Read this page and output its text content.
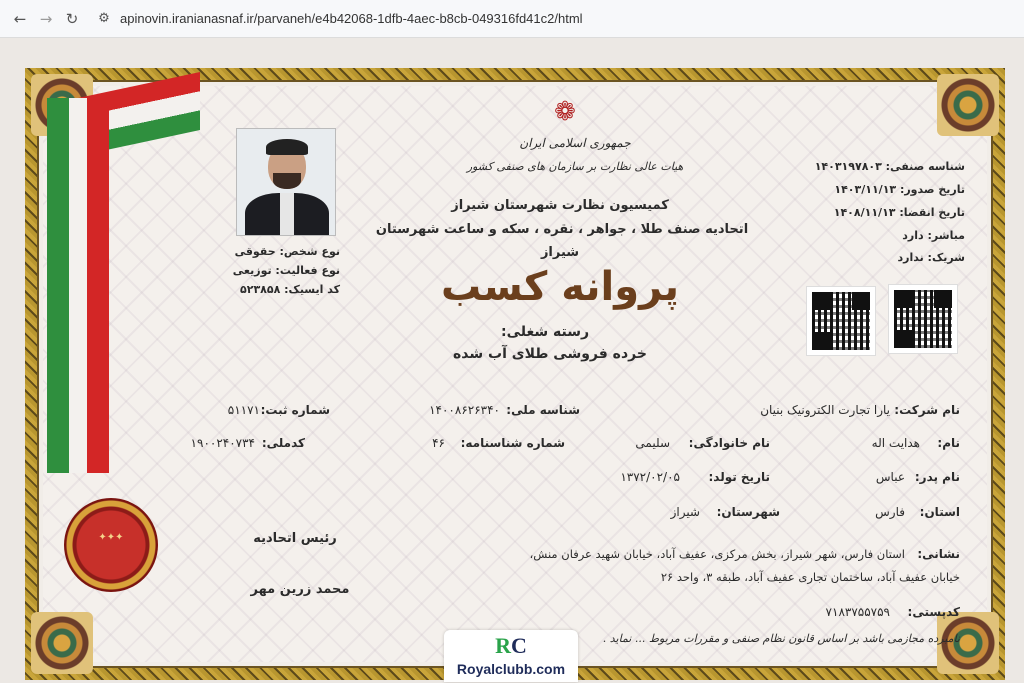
← → ↻	⚙ apinovin.iranianasnaf.ir/parvaneh/e4b42068-1dfb-4aec-b8cb-049316fd41c2/html
✦✦✦
❁
جمهوری اسلامی ایران
هیات عالی نظارت بر سازمان های صنفی کشور
کمیسیون نظارت شهرستان شیراز
اتحادیه صنف طلا ، جواهر ، نقره ، سکه و ساعت شهرستان
شیراز
پروانه کسب
رسته شغلی:
خرده فروشی طلای آب شده
نوع شخص: حقوقی
نوع فعالیت: توزیعی
کد ایسیک: ۵۲۳۸۵۸
شناسه صنفی: ۱۴۰۳۱۹۷۸۰۳
تاریخ صدور: ۱۴۰۳/۱۱/۱۳
تاریخ انقضا: ۱۴۰۸/۱۱/۱۳
مباشر: دارد
شریک: ندارد
نام شرکت:
یارا تجارت الکترونیک بنیان
شناسه ملی:
۱۴۰۰۸۶۲۶۳۴۰
شماره ثبت:
۵۱۱۷۱
نام:
هدایت اله
نام خانوادگی:
سلیمی
شماره شناسنامه:
۴۶
کدملی:
۱۹۰۰۲۴۰۷۳۴
نام پدر:
عباس
تاریخ تولد:
۱۳۷۲/۰۲/۰۵
استان:
فارس
شهرستان:
شیراز
نشانی:
استان فارس، شهر شیراز، بخش مرکزی، عفیف آباد، خیابان شهید عرفان منش،
خیابان عفیف آباد، ساختمان تجاری عفیف آباد، طبقه ۳، واحد ۲۶
کدپستی:
۷۱۸۳۷۵۵۷۵۹
رئیس اتحادیه
محمد زرین مهر
نامبرده مجازمی باشد بر اساس قانون نظام صنفی و مقررات مربوط ... نماید .
RC
Royalclubb.com
